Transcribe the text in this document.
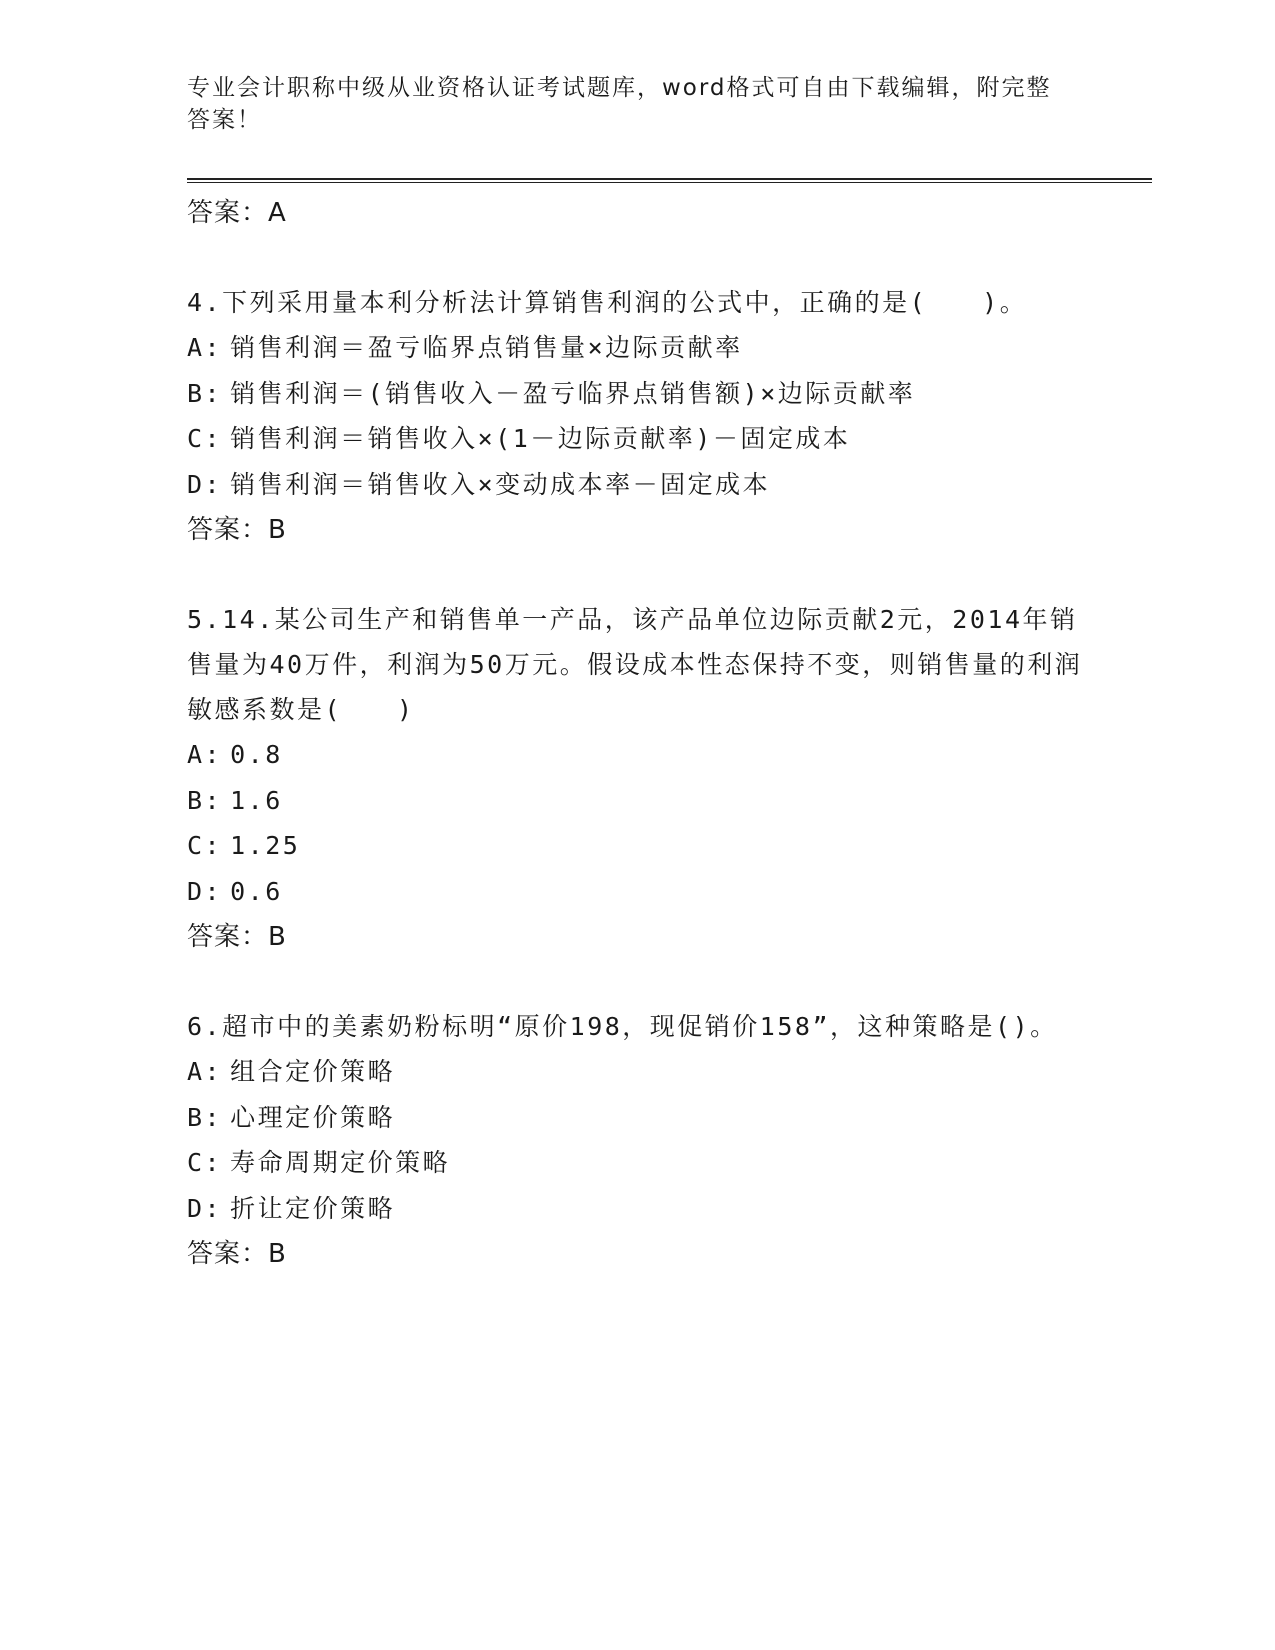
专业会计职称中级从业资格认证考试题库，word格式可自由下载编辑，附完整答案！
答案：A
4.下列采用量本利分析法计算销售利润的公式中，正确的是(　　)。
A: 销售利润＝盈亏临界点销售量×边际贡献率
B: 销售利润＝(销售收入－盈亏临界点销售额)×边际贡献率
C: 销售利润＝销售收入×(1－边际贡献率)－固定成本
D: 销售利润＝销售收入×变动成本率－固定成本
答案：B
5.14.某公司生产和销售单一产品，该产品单位边际贡献2元，2014年销售量为40万件，利润为50万元。假设成本性态保持不变，则销售量的利润敏感系数是(　　)
A: 0.8
B: 1.6
C: 1.25
D: 0.6
答案：B
6.超市中的美素奶粉标明“原价198，现促销价158”，这种策略是()。
A: 组合定价策略
B: 心理定价策略
C: 寿命周期定价策略
D: 折让定价策略
答案：B
